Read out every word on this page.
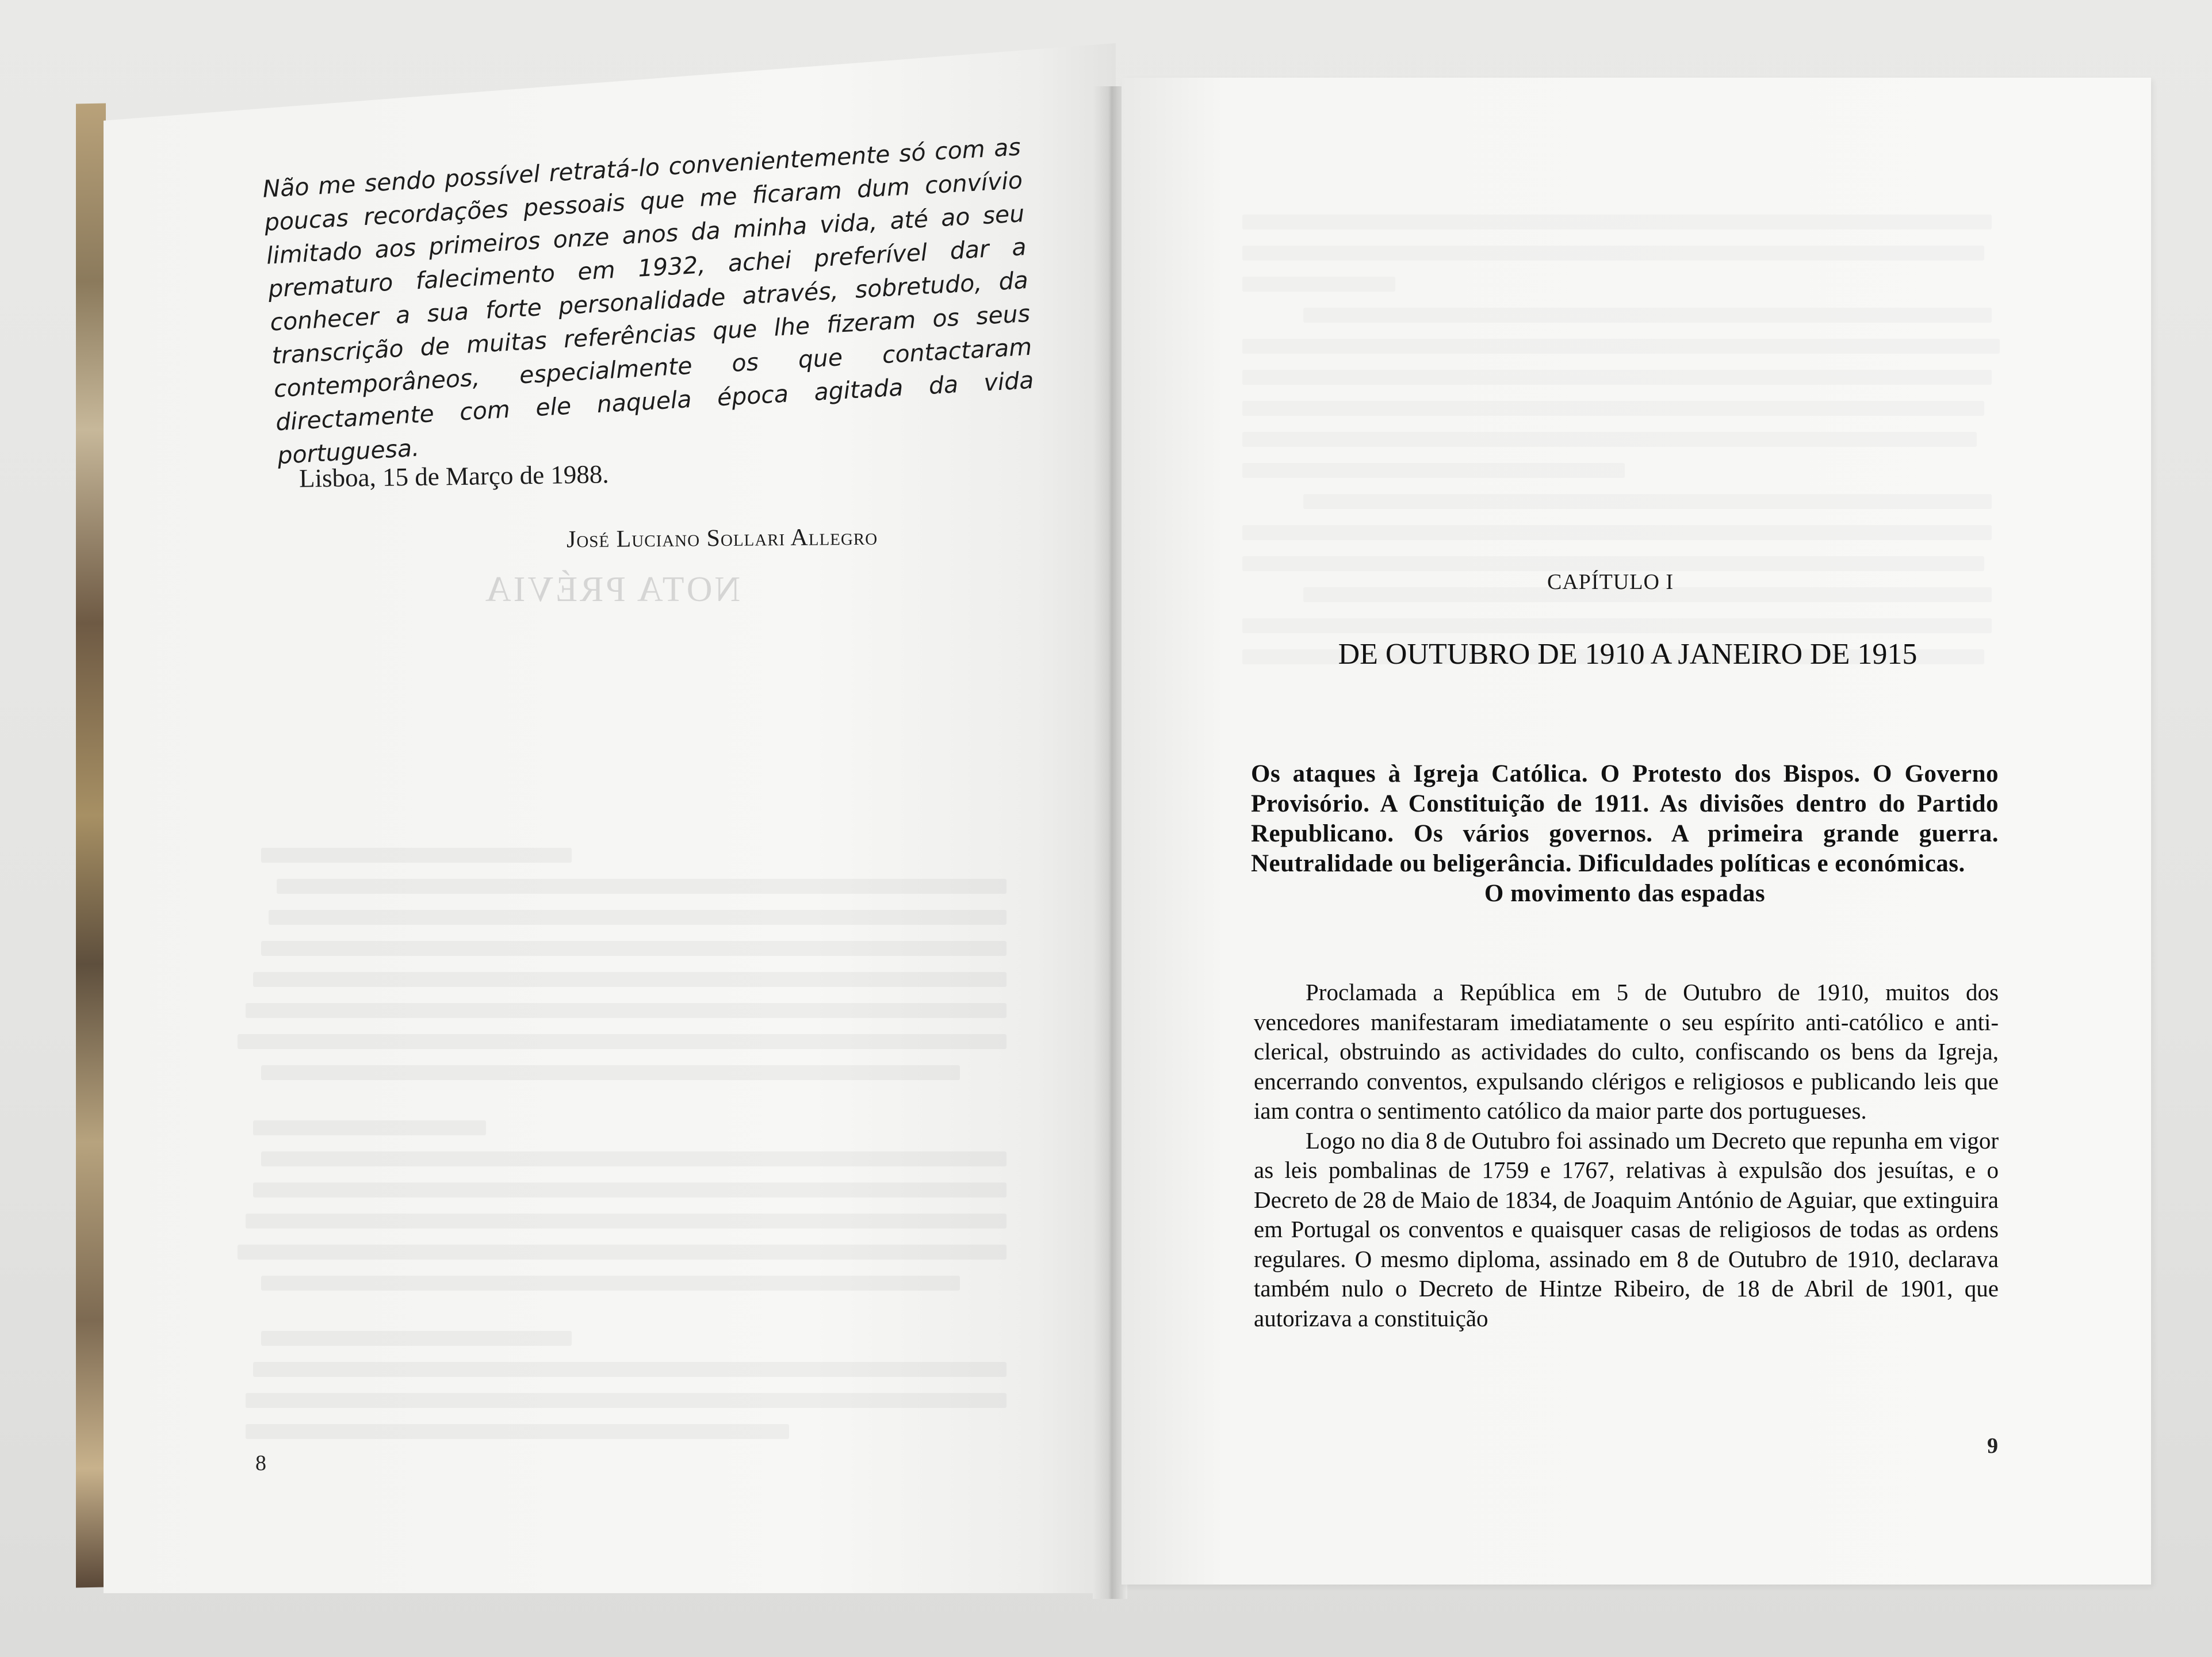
NOTA PRÉVIA

Não me sendo possível retratá-lo convenientemente só com as poucas recordações pessoais que me ficaram dum convívio limitado aos primeiros onze anos da minha vida, até ao seu prematuro falecimento em 1932, achei preferível dar a conhecer a sua forte personalidade através, sobretudo, da transcrição de muitas referências que lhe fizeram os seus contemporâneos, especialmente os que contactaram directamente com ele naquela época agitada da vida portuguesa.

Lisboa, 15 de Março de 1988.
José Luciano Sollari Allegro
8
CAPÍTULO I
DE OUTUBRO DE 1910 A JANEIRO DE 1915
Os ataques à Igreja Católica. O Protesto dos Bispos. O Governo Provisório. A Constituição de 1911. As divisões dentro do Partido Republicano. Os vários governos. A primeira grande guerra. Neutralidade ou beligerância. Dificuldades políticas e económicas.
O movimento das espadas

Proclamada a República em 5 de Outubro de 1910, muitos dos vencedores manifestaram imediatamente o seu espírito anti-católico e anti-clerical, obstruindo as actividades do culto, confiscando os bens da Igreja, encerrando conventos, expulsando clérigos e religiosos e publicando leis que iam contra o sentimento católico da maior parte dos portugueses.

Logo no dia 8 de Outubro foi assinado um Decreto que repunha em vigor as leis pombalinas de 1759 e 1767, relativas à expulsão dos jesuítas, e o Decreto de 28 de Maio de 1834, de Joaquim António de Aguiar, que extinguira em Portugal os conventos e quaisquer casas de religiosos de todas as ordens regulares. O mesmo diploma, assinado em 8 de Outubro de 1910, declarava também nulo o Decreto de Hintze Ribeiro, de 18 de Abril de 1901, que autorizava a constituição

9
